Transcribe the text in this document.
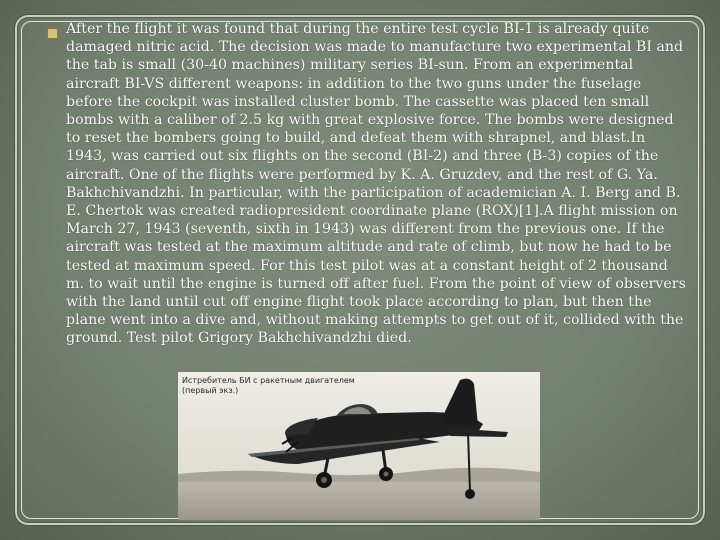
After the flight it was found that during the entire test cycle BI-1 is already quite damaged nitric acid. The decision was made to manufacture two experimental BI and the tab is small (30-40 machines) military series BI-sun. From an experimental aircraft BI-VS different weapons: in addition to the two guns under the fuselage before the cockpit was installed cluster bomb. The cassette was placed ten small bombs with a caliber of 2.5 kg with great explosive force. The bombs were designed to reset the bombers going to build, and defeat them with shrapnel, and blast.In 1943, was carried out six flights on the second (BI-2) and three (B-3) copies of the aircraft. One of the flights were performed by K. A. Gruzdev, and the rest of G. Ya. Bakhchivandzhi. In particular, with the participation of academician A. I. Berg and B. E. Chertok was created radiopresident coordinate plane (ROX)[1].A flight mission on March 27, 1943 (seventh, sixth in 1943) was different from the previous one. If the aircraft was tested at the maximum altitude and rate of climb, but now he had to be tested at maximum speed. For this test pilot was at a constant height of 2 thousand m. to wait until the engine is turned off after fuel. From the point of view of observers with the land until cut off engine flight took place according to plan, but then the plane went into a dive and, without making attempts to get out of it, collided with the ground. Test pilot Grigory Bakhchivandzhi died.
Истребитель БИ с ракетным двигателем
(первый экз.)
